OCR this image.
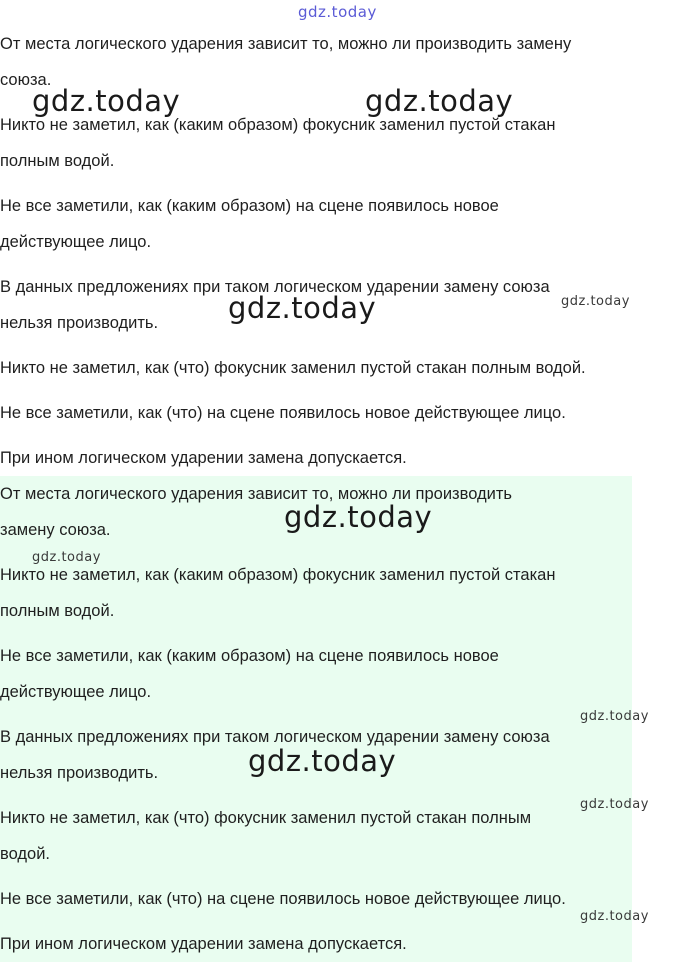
От места логического ударения зависит то, можно ли производить замену

союза.

Никто не заметил, как (каким образом) фокусник заменил пустой стакан

полным водой.

Не все заметили, как (каким образом) на сцене появилось новое

действующее лицо.

В данных предложениях при таком логическом ударении замену союза

нельзя производить.

Никто не заметил, как (что) фокусник заменил пустой стакан полным водой.

Не все заметили, как (что) на сцене появилось новое действующее лицо.

При ином логическом ударении замена допускается.

От места логического ударения зависит то, можно ли производить

замену союза.

Никто не заметил, как (каким образом) фокусник заменил пустой стакан

полным водой.

Не все заметили, как (каким образом) на сцене появилось новое

действующее лицо.

В данных предложениях при таком логическом ударении замену союза

нельзя производить.

Никто не заметил, как (что) фокусник заменил пустой стакан полным

водой.

Не все заметили, как (что) на сцене появилось новое действующее лицо.

При ином логическом ударении замена допускается.

gdz.today
gdz.today	gdz.today
gdz.today	gdz.today
gdz.today
gdz.today
gdz.today
gdz.today
gdz.today
gdz.today
